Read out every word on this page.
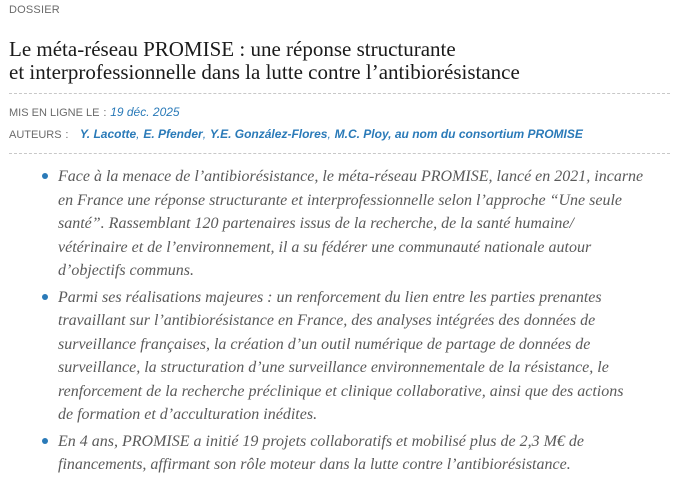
DOSSIER
Le méta-réseau PROMISE : une réponse structurante
et interprofessionnelle dans la lutte contre l’antibiorésistance
MIS EN LIGNE LE : 19 déc. 2025
AUTEURS : Y. Lacotte, E. Pfender, Y.E. González-Flores, M.C. Ploy, au nom du consortium PROMISE
Face à la menace de l’antibiorésistance, le méta-réseau PROMISE, lancé en 2021, incarne
en France une réponse structurante et interprofessionnelle selon l’approche “Une seule
santé”. Rassemblant 120 partenaires issus de la recherche, de la santé humaine/
vétérinaire et de l’environnement, il a su fédérer une communauté nationale autour
d’objectifs communs.
Parmi ses réalisations majeures : un renforcement du lien entre les parties prenantes
travaillant sur l’antibiorésistance en France, des analyses intégrées des données de
surveillance françaises, la création d’un outil numérique de partage de données de
surveillance, la structuration d’une surveillance environnementale de la résistance, le
renforcement de la recherche préclinique et clinique collaborative, ainsi que des actions
de formation et d’acculturation inédites.
En 4 ans, PROMISE a initié 19 projets collaboratifs et mobilisé plus de 2,3 M€ de
financements, affirmant son rôle moteur dans la lutte contre l’antibiorésistance.
